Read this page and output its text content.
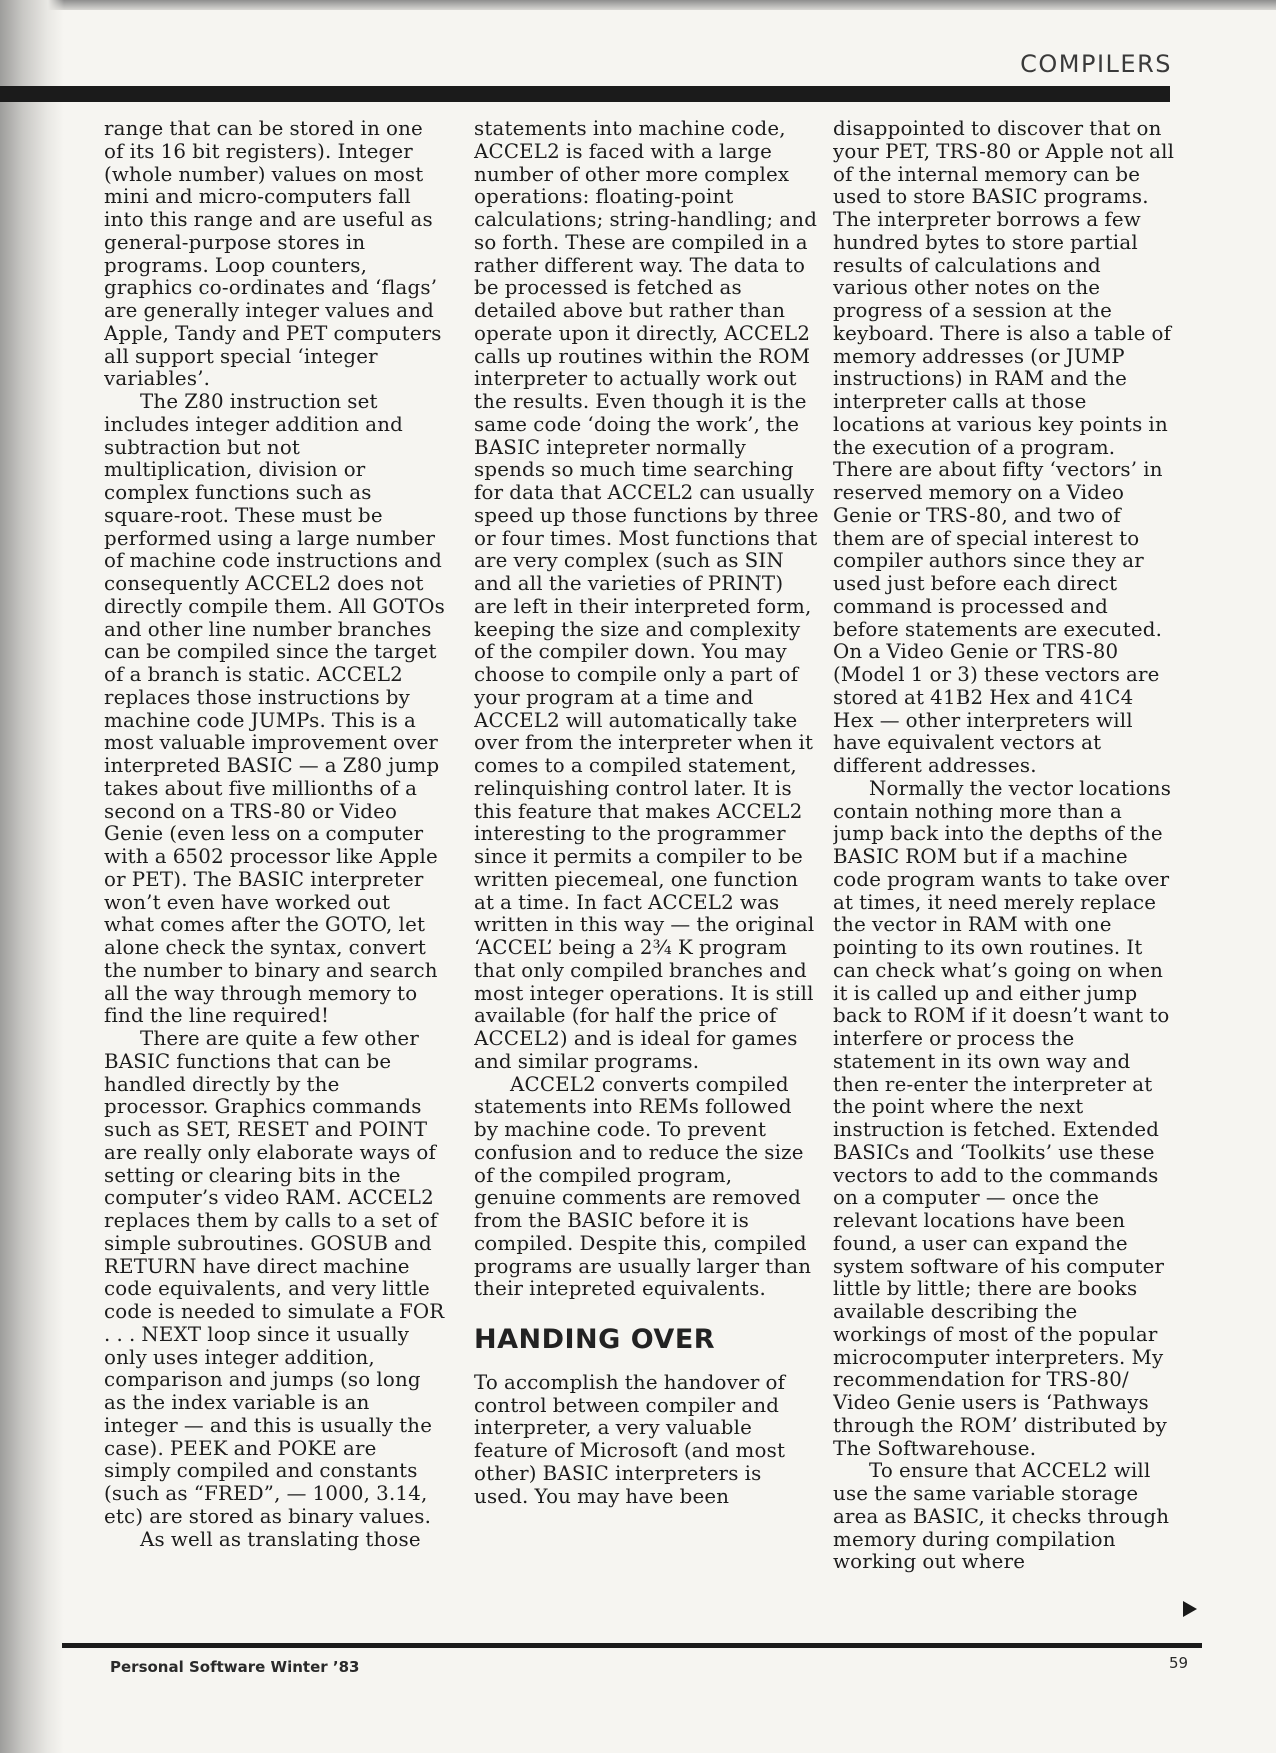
COMPILERS

range that can be stored in one of its 16 bit registers). Integer (whole number) values on most mini and micro-computers fall into this range and are useful as general-purpose stores in programs. Loop counters, graphics co-ordinates and ‘flags’ are generally integer values and Apple, Tandy and PET computers all support special ‘integer variables’.

The Z80 instruction set includes integer addition and subtraction but not multiplication, division or complex functions such as square-root. These must be performed using a large number of machine code instructions and consequently ACCEL2 does not directly compile them. All GOTOs and other line number branches can be compiled since the target of a branch is static. ACCEL2 replaces those instructions by machine code JUMPs. This is a most valuable improvement over interpreted BASIC — a Z80 jump takes about five millionths of a second on a TRS-80 or Video Genie (even less on a computer with a 6502 processor like Apple or PET). The BASIC interpreter won’t even have worked out what comes after the GOTO, let alone check the syntax, convert the number to binary and search all the way through memory to find the line required!

There are quite a few other BASIC functions that can be handled directly by the processor. Graphics commands such as SET, RESET and POINT are really only elaborate ways of setting or clearing bits in the computer’s video RAM. ACCEL2 replaces them by calls to a set of simple subroutines. GOSUB and RETURN have direct machine code equivalents, and very little code is needed to simulate a FOR . . . NEXT loop since it usually only uses integer addition, comparison and jumps (so long as the index variable is an integer — and this is usually the case). PEEK and POKE are simply compiled and constants (such as “FRED”, — 1000, 3.14, etc) are stored as binary values.

As well as translating those

statements into machine code, ACCEL2 is faced with a large number of other more complex operations: floating-point calculations; string-handling; and so forth. These are compiled in a rather different way. The data to be processed is fetched as detailed above but rather than operate upon it directly, ACCEL2 calls up routines within the ROM interpreter to actually work out the results. Even though it is the same code ‘doing the work’, the BASIC intepreter normally spends so much time searching for data that ACCEL2 can usually speed up those functions by three or four times. Most functions that are very complex (such as SIN and all the varieties of PRINT) are left in their interpreted form, keeping the size and complexity of the compiler down. You may choose to compile only a part of your program at a time and ACCEL2 will automatically take over from the interpreter when it comes to a compiled statement, relinquishing control later. It is this feature that makes ACCEL2 interesting to the programmer since it permits a compiler to be written piecemeal, one function at a time. In fact ACCEL2 was written in this way — the original ‘ACCEL’ being a 2¾ K program that only compiled branches and most integer operations. It is still available (for half the price of ACCEL2) and is ideal for games and similar programs.

ACCEL2 converts compiled statements into REMs followed by machine code. To prevent confusion and to reduce the size of the compiled program, genuine comments are removed from the BASIC before it is compiled. Despite this, compiled programs are usually larger than their intepreted equivalents.

HANDING OVER

To accomplish the handover of control between compiler and interpreter, a very valuable feature of Microsoft (and most other) BASIC interpreters is used. You may have been

disappointed to discover that on your PET, TRS-80 or Apple not all of the internal memory can be used to store BASIC programs. The interpreter borrows a few hundred bytes to store partial results of calculations and various other notes on the progress of a session at the keyboard. There is also a table of memory addresses (or JUMP instructions) in RAM and the interpreter calls at those locations at various key points in the execution of a program. There are about fifty ‘vectors’ in reserved memory on a Video Genie or TRS-80, and two of them are of special interest to compiler authors since they ar used just before each direct command is processed and before statements are executed. On a Video Genie or TRS-80 (Model 1 or 3) these vectors are stored at 41B2 Hex and 41C4 Hex — other interpreters will have equivalent vectors at different addresses.

Normally the vector locations contain nothing more than a jump back into the depths of the BASIC ROM but if a machine code program wants to take over at times, it need merely replace the vector in RAM with one pointing to its own routines. It can check what’s going on when it is called up and either jump back to ROM if it doesn’t want to interfere or process the statement in its own way and then re-enter the interpreter at the point where the next instruction is fetched. Extended BASICs and ‘Toolkits’ use these vectors to add to the commands on a computer — once the relevant locations have been found, a user can expand the system software of his computer little by little; there are books available describing the workings of most of the popular microcomputer interpreters. My recommendation for TRS-80/ Video Genie users is ‘Pathways through the ROM’ distributed by The Softwarehouse.

To ensure that ACCEL2 will use the same variable storage area as BASIC, it checks through memory during compilation working out where

Personal Software Winter ’83	59
